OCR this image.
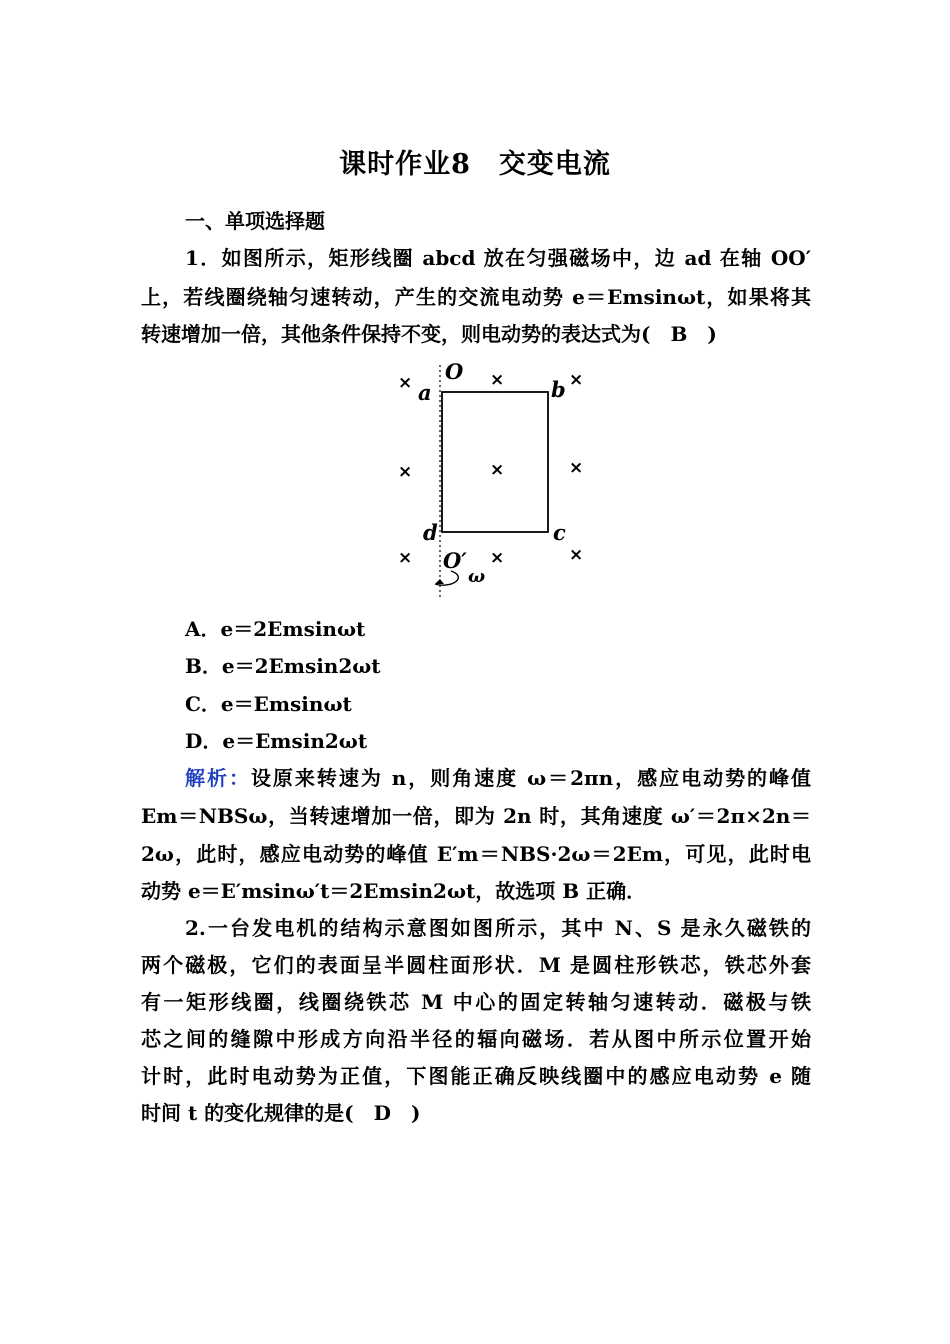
课时作业8　交变电流
一、单项选择题
1．如图所示，矩形线圈 abcd 放在匀强磁场中，边 ad 在轴 OO′
上，若线圈绕轴匀速转动，产生的交流电动势 e＝Emsinωt，如果将其
转速增加一倍，其他条件保持不变，则电动势的表达式为(　B　)
×	×	×
×	×	×
×	×	×
O
a	b
d	c
O′
ω
A．e＝2Emsinωt
B．e＝2Emsin2ωt
C．e＝Emsinωt
D．e＝Emsin2ωt
解析：设原来转速为 n，则角速度 ω＝2πn，感应电动势的峰值
Em＝NBSω，当转速增加一倍，即为 2n 时，其角速度 ω′＝2π×2n＝
2ω，此时，感应电动势的峰值 E′m＝NBS·2ω＝2Em，可见，此时电
动势 e＝E′msinω′t＝2Emsin2ωt，故选项 B 正确．
2.一台发电机的结构示意图如图所示，其中 N、S 是永久磁铁的
两个磁极，它们的表面呈半圆柱面形状．M 是圆柱形铁芯，铁芯外套
有一矩形线圈，线圈绕铁芯 M 中心的固定转轴匀速转动．磁极与铁
芯之间的缝隙中形成方向沿半径的辐向磁场．若从图中所示位置开始
计时，此时电动势为正值，下图能正确反映线圈中的感应电动势 e 随
时间 t 的变化规律的是(　D　)
